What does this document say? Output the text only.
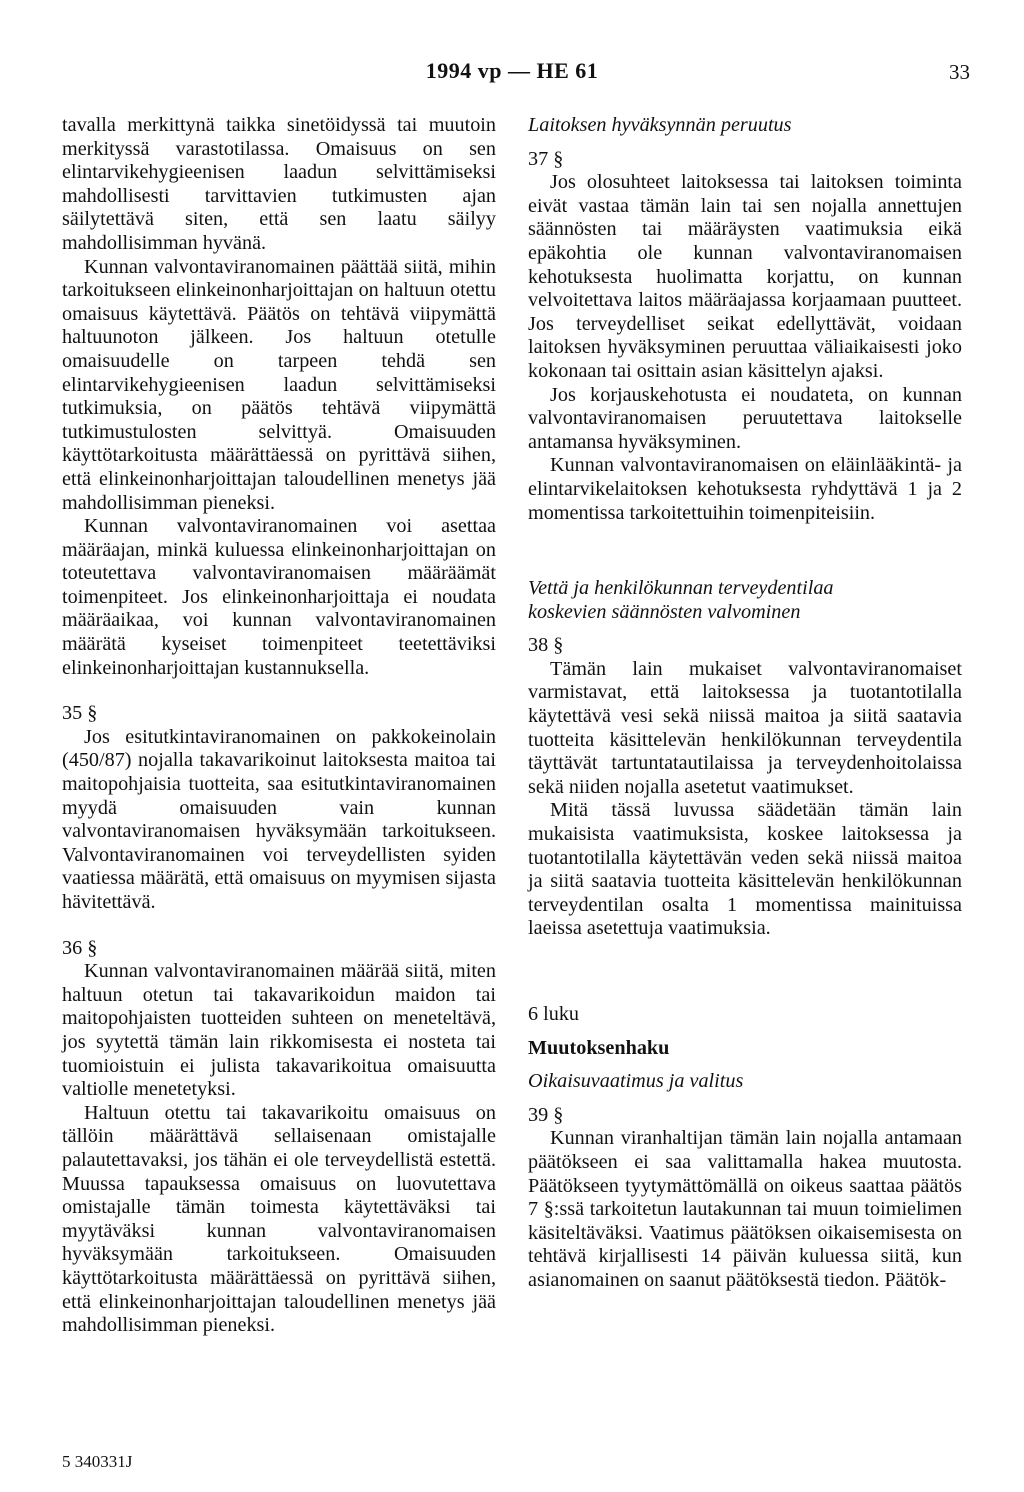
1994 vp — HE 61	33

tavalla merkittynä taikka sinetöidyssä tai muutoin merkityssä varastotilassa. Omaisuus on sen elintarvikehygieenisen laadun selvittämiseksi mahdollisesti tarvittavien tutkimusten ajan säilytettävä siten, että sen laatu säilyy mahdollisimman hyvänä.

Kunnan valvontaviranomainen päättää siitä, mihin tarkoitukseen elinkeinonharjoittajan on haltuun otettu omaisuus käytettävä. Päätös on tehtävä viipymättä haltuunoton jälkeen. Jos haltuun otetulle omaisuudelle on tarpeen tehdä sen elintarvikehygieenisen laadun selvittämiseksi tutkimuksia, on päätös tehtävä viipymättä tutkimustulosten selvittyä. Omaisuuden käyttötarkoitusta määrättäessä on pyrittävä siihen, että elinkeinonharjoittajan taloudellinen menetys jää mahdollisimman pieneksi.

Kunnan valvontaviranomainen voi asettaa määräajan, minkä kuluessa elinkeinonharjoittajan on toteutettava valvontaviranomaisen määräämät toimenpiteet. Jos elinkeinonharjoittaja ei noudata määräaikaa, voi kunnan valvontaviranomainen määrätä kyseiset toimenpiteet teetettäviksi elinkeinonharjoittajan kustannuksella.

35 §

Jos esitutkintaviranomainen on pakkokeinolain (450/87) nojalla takavarikoinut laitoksesta maitoa tai maitopohjaisia tuotteita, saa esitutkintaviranomainen myydä omaisuuden vain kunnan valvontaviranomaisen hyväksymään tarkoitukseen. Valvontaviranomainen voi terveydellisten syiden vaatiessa määrätä, että omaisuus on myymisen sijasta hävitettävä.

36 §

Kunnan valvontaviranomainen määrää siitä, miten haltuun otetun tai takavarikoidun maidon tai maitopohjaisten tuotteiden suhteen on meneteltävä, jos syytettä tämän lain rikkomisesta ei nosteta tai tuomioistuin ei julista takavarikoitua omaisuutta valtiolle menetetyksi.

Haltuun otettu tai takavarikoitu omaisuus on tällöin määrättävä sellaisenaan omistajalle palautettavaksi, jos tähän ei ole terveydellistä estettä. Muussa tapauksessa omaisuus on luovutettava omistajalle tämän toimesta käytettäväksi tai myytäväksi kunnan valvontaviranomaisen hyväksymään tarkoitukseen. Omaisuuden käyttötarkoitusta määrättäessä on pyrittävä siihen, että elinkeinonharjoittajan taloudellinen menetys jää mahdollisimman pieneksi.

Laitoksen hyväksynnän peruutus

37 §

Jos olosuhteet laitoksessa tai laitoksen toiminta eivät vastaa tämän lain tai sen nojalla annettujen säännösten tai määräysten vaatimuksia eikä epäkohtia ole kunnan valvontaviranomaisen kehotuksesta huolimatta korjattu, on kunnan velvoitettava laitos määräajassa korjaamaan puutteet. Jos terveydelliset seikat edellyttävät, voidaan laitoksen hyväksyminen peruuttaa väliaikaisesti joko kokonaan tai osittain asian käsittelyn ajaksi.

Jos korjauskehotusta ei noudateta, on kunnan valvontaviranomaisen peruutettava laitokselle antamansa hyväksyminen.

Kunnan valvontaviranomaisen on eläinlääkintä- ja elintarvikelaitoksen kehotuksesta ryhdyttävä 1 ja 2 momentissa tarkoitettuihin toimenpiteisiin.

Vettä ja henkilökunnan terveydentilaa

koskevien säännösten valvominen

38 §

Tämän lain mukaiset valvontaviranomaiset varmistavat, että laitoksessa ja tuotantotilalla käytettävä vesi sekä niissä maitoa ja siitä saatavia tuotteita käsittelevän henkilökunnan terveydentila täyttävät tartuntatautilaissa ja terveydenhoitolaissa sekä niiden nojalla asetetut vaatimukset.

Mitä tässä luvussa säädetään tämän lain mukaisista vaatimuksista, koskee laitoksessa ja tuotantotilalla käytettävän veden sekä niissä maitoa ja siitä saatavia tuotteita käsittelevän henkilökunnan terveydentilan osalta 1 momentissa mainituissa laeissa asetettuja vaatimuksia.

6 luku

Muutoksenhaku

Oikaisuvaatimus ja valitus

39 §

Kunnan viranhaltijan tämän lain nojalla antamaan päätökseen ei saa valittamalla hakea muutosta. Päätökseen tyytymättömällä on oikeus saattaa päätös 7 §:ssä tarkoitetun lautakunnan tai muun toimielimen käsiteltäväksi. Vaatimus päätöksen oikaisemisesta on tehtävä kirjallisesti 14 päivän kuluessa siitä, kun asianomainen on saanut päätöksestä tiedon. Päätök-

5 340331J
